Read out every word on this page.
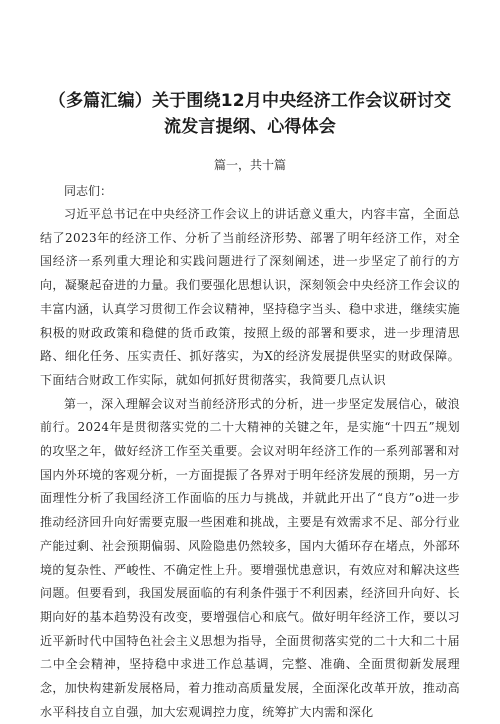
（多篇汇编）关于围绕12月中央经济工作会议研讨交
流发言提纲、心得体会
篇一，共十篇

同志们：

习近平总书记在中央经济工作会议上的讲话意义重大，内容丰富，全面总结了2023年的经济工作、分析了当前经济形势、部署了明年经济工作，对全国经济一系列重大理论和实践问题进行了深刻阐述，进一步坚定了前行的方向，凝聚起奋进的力量。我们要强化思想认识，深刻领会中央经济工作会议的丰富内涵，认真学习贯彻工作会议精神，坚持稳字当头、稳中求进，继续实施积极的财政政策和稳健的货币政策，按照上级的部署和要求，进一步理清思路、细化任务、压实责任、抓好落实，为X的经济发展提供坚实的财政保障。下面结合财政工作实际，就如何抓好贯彻落实，我简要几点认识

第一，深入理解会议对当前经济形式的分析，进一步坚定发展信心，破浪前行。2024年是贯彻落实党的二十大精神的关键之年，是实施“十四五”规划的攻坚之年，做好经济工作至关重要。会议对明年经济工作的一系列部署和对国内外环境的客观分析，一方面提振了各界对于明年经济发展的预期，另一方面理性分析了我国经济工作面临的压力与挑战，并就此开出了“良方”o进一步推动经济回升向好需要克服一些困难和挑战，主要是有效需求不足、部分行业产能过剩、社会预期偏弱、风险隐患仍然较多，国内大循环存在堵点，外部环境的复杂性、严峻性、不确定性上升。要增强忧患意识，有效应对和解决这些问题。但要看到，我国发展面临的有利条件强于不利因素，经济回升向好、长期向好的基本趋势没有改变，要增强信心和底气。做好明年经济工作，要以习近平新时代中国特色社会主义思想为指导，全面贯彻落实党的二十大和二十届二中全会精神，坚持稳中求进工作总基调，完整、准确、全面贯彻新发展理念，加快构建新发展格局，着力推动高质量发展，全面深化改革开放，推动高水平科技自立自强，加大宏观调控力度，统筹扩大内需和深化
